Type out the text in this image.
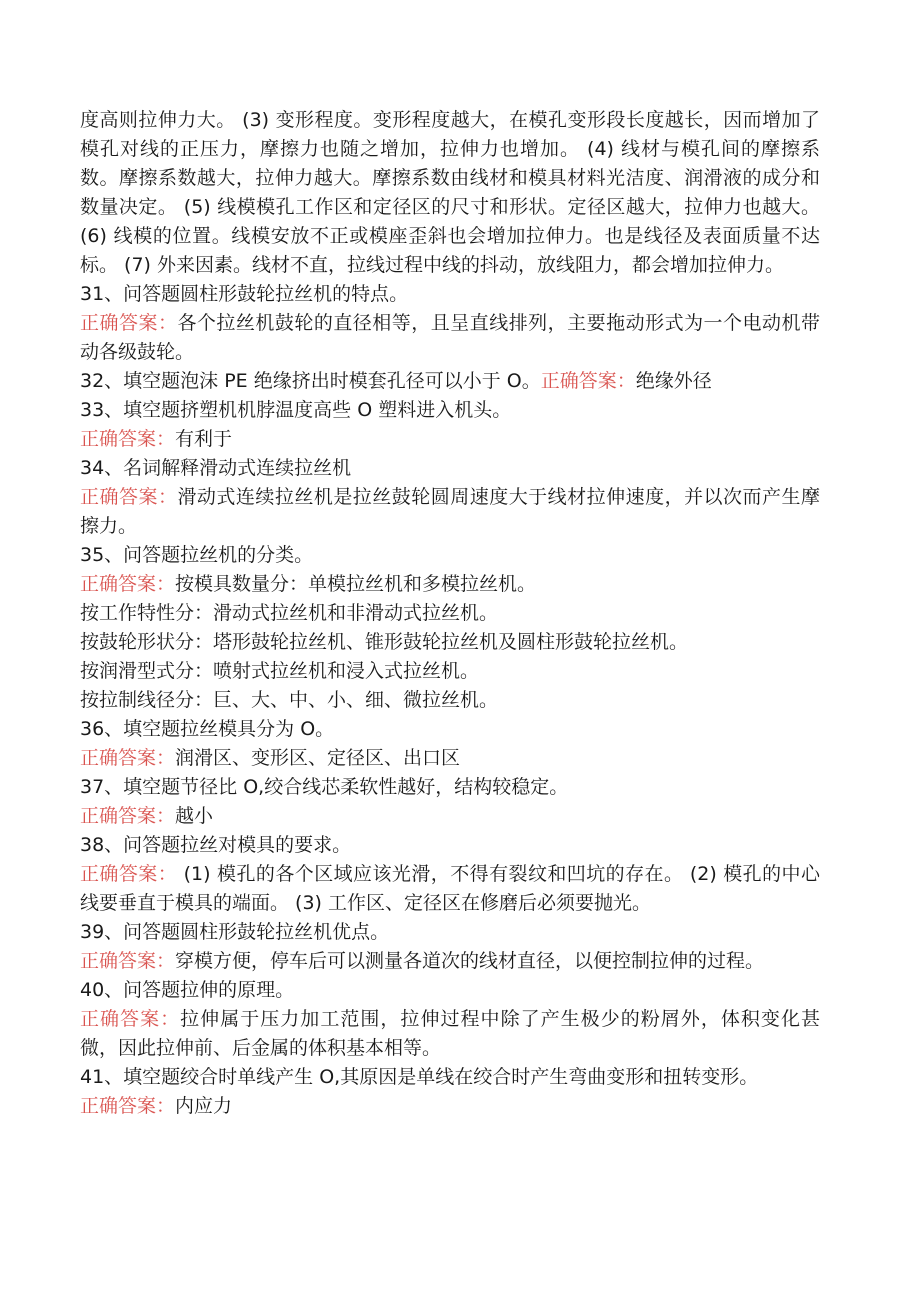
度高则拉伸力大。 (3) 变形程度。变形程度越大，在模孔变形段长度越长，因而增加了模孔对线的正压力，摩擦力也随之增加，拉伸力也增加。 (4) 线材与模孔间的摩擦系数。摩擦系数越大，拉伸力越大。摩擦系数由线材和模具材料光洁度、润滑液的成分和数量决定。 (5) 线模模孔工作区和定径区的尺寸和形状。定径区越大，拉伸力也越大。 (6) 线模的位置。线模安放不正或模座歪斜也会增加拉伸力。也是线径及表面质量不达标。 (7) 外来因素。线材不直，拉线过程中线的抖动，放线阻力，都会增加拉伸力。

31、问答题圆柱形鼓轮拉丝机的特点。

正确答案：各个拉丝机鼓轮的直径相等，且呈直线排列，主要拖动形式为一个电动机带动各级鼓轮。

32、填空题泡沫 PE 绝缘挤出时模套孔径可以小于 O。正确答案：绝缘外径

33、填空题挤塑机机脖温度高些 O 塑料进入机头。

正确答案：有利于

34、名词解释滑动式连续拉丝机

正确答案：滑动式连续拉丝机是拉丝鼓轮圆周速度大于线材拉伸速度，并以次而产生摩擦力。

35、问答题拉丝机的分类。

正确答案：按模具数量分：单模拉丝机和多模拉丝机。

按工作特性分：滑动式拉丝机和非滑动式拉丝机。

按鼓轮形状分：塔形鼓轮拉丝机、锥形鼓轮拉丝机及圆柱形鼓轮拉丝机。

按润滑型式分：喷射式拉丝机和浸入式拉丝机。

按拉制线径分：巨、大、中、小、细、微拉丝机。

36、填空题拉丝模具分为 O。

正确答案：润滑区、变形区、定径区、出口区

37、填空题节径比 O,绞合线芯柔软性越好，结构较稳定。

正确答案：越小

38、问答题拉丝对模具的要求。

正确答案： (1) 模孔的各个区域应该光滑，不得有裂纹和凹坑的存在。 (2) 模孔的中心线要垂直于模具的端面。 (3) 工作区、定径区在修磨后必须要抛光。

39、问答题圆柱形鼓轮拉丝机优点。

正确答案：穿模方便，停车后可以测量各道次的线材直径，以便控制拉伸的过程。

40、问答题拉伸的原理。

正确答案：拉伸属于压力加工范围，拉伸过程中除了产生极少的粉屑外，体积变化甚微，因此拉伸前、后金属的体积基本相等。

41、填空题绞合时单线产生 O,其原因是单线在绞合时产生弯曲变形和扭转变形。

正确答案：内应力
